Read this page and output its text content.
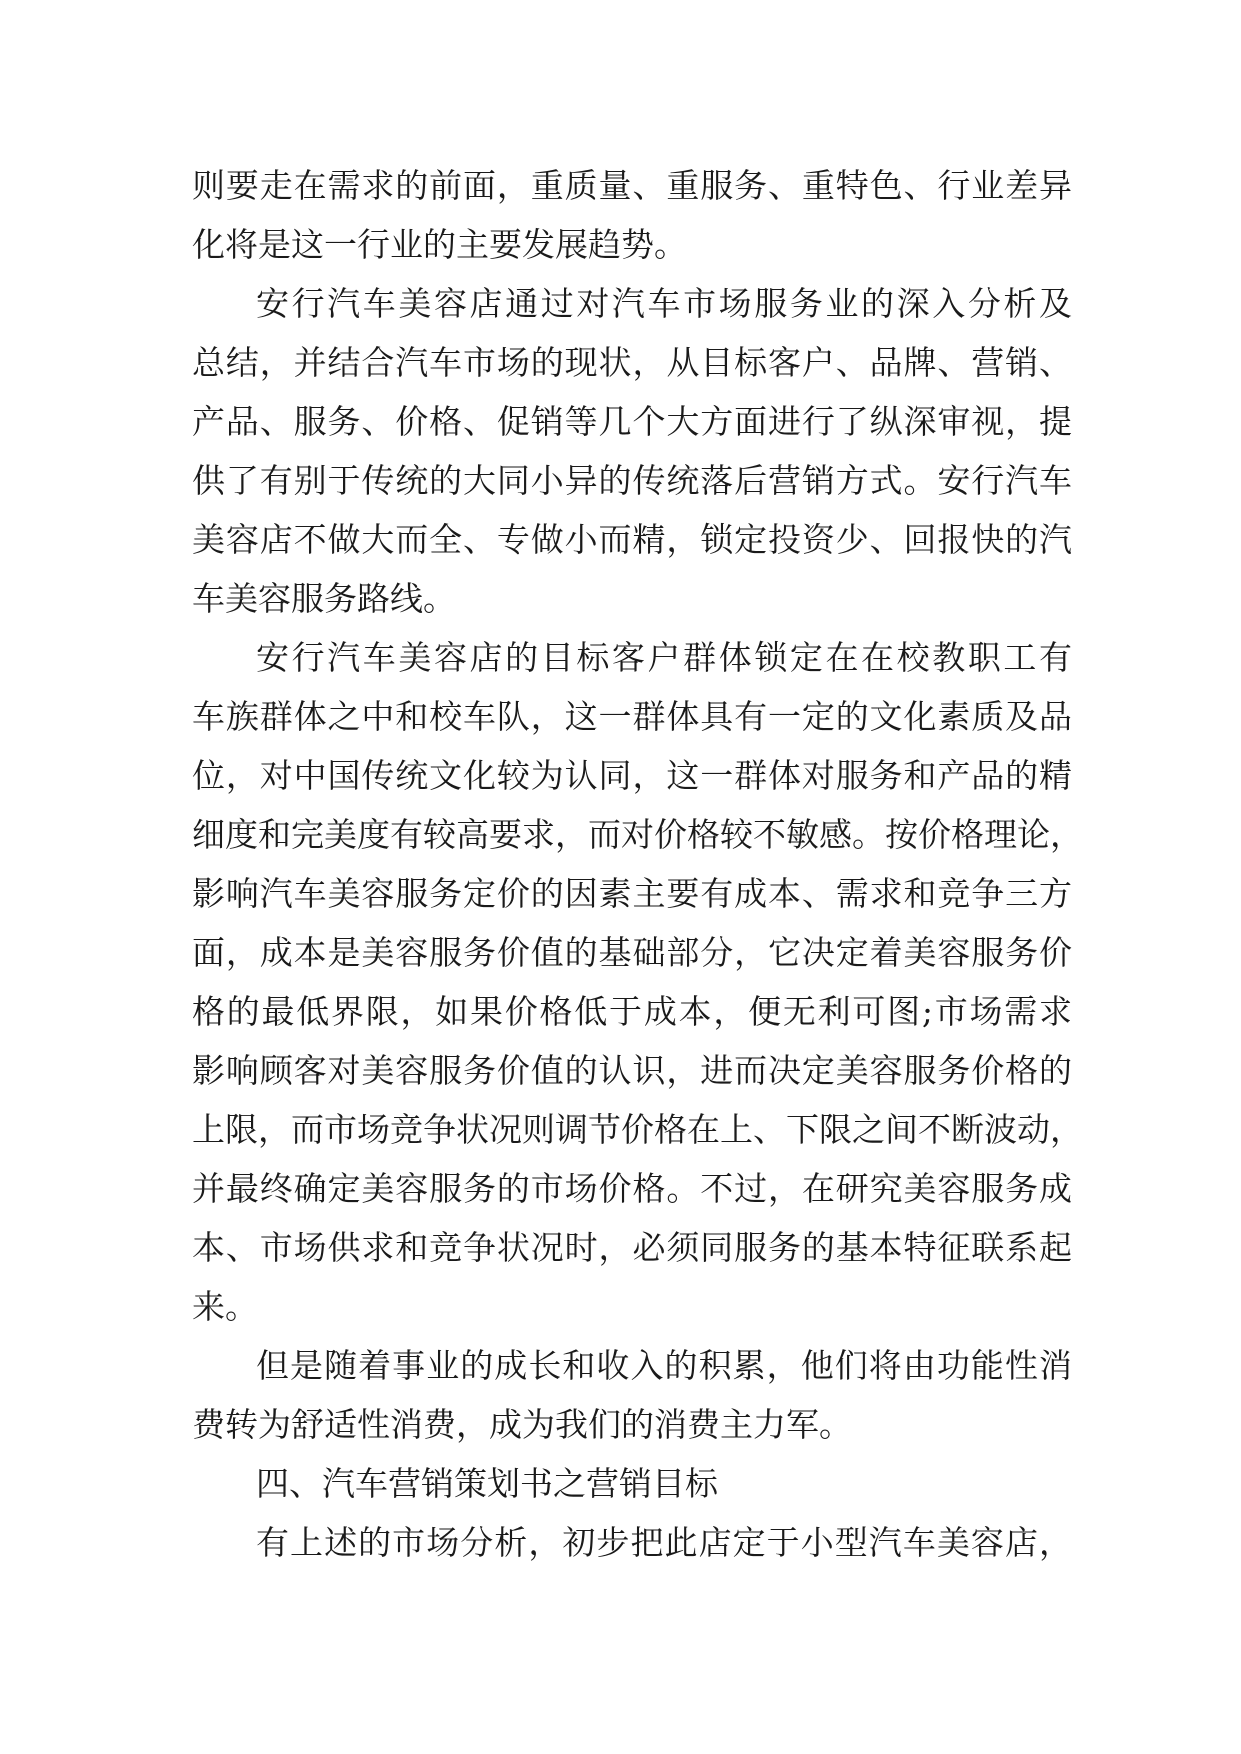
则要走在需求的前面，重质量、重服务、重特色、行业差异
化将是这一行业的主要发展趋势。
安行汽车美容店通过对汽车市场服务业的深入分析及
总结，并结合汽车市场的现状，从目标客户、品牌、营销、
产品、服务、价格、促销等几个大方面进行了纵深审视，提
供了有别于传统的大同小异的传统落后营销方式。安行汽车
美容店不做大而全、专做小而精，锁定投资少、回报快的汽
车美容服务路线。
安行汽车美容店的目标客户群体锁定在在校教职工有
车族群体之中和校车队，这一群体具有一定的文化素质及品
位，对中国传统文化较为认同，这一群体对服务和产品的精
细度和完美度有较高要求，而对价格较不敏感。按价格理论，
影响汽车美容服务定价的因素主要有成本、需求和竞争三方
面，成本是美容服务价值的基础部分，它决定着美容服务价
格的最低界限，如果价格低于成本，便无利可图;市场需求
影响顾客对美容服务价值的认识，进而决定美容服务价格的
上限，而市场竞争状况则调节价格在上、下限之间不断波动，
并最终确定美容服务的市场价格。不过，在研究美容服务成
本、市场供求和竞争状况时，必须同服务的基本特征联系起
来。
但是随着事业的成长和收入的积累，他们将由功能性消
费转为舒适性消费，成为我们的消费主力军。
四、汽车营销策划书之营销目标
有上述的市场分析，初步把此店定于小型汽车美容店，
